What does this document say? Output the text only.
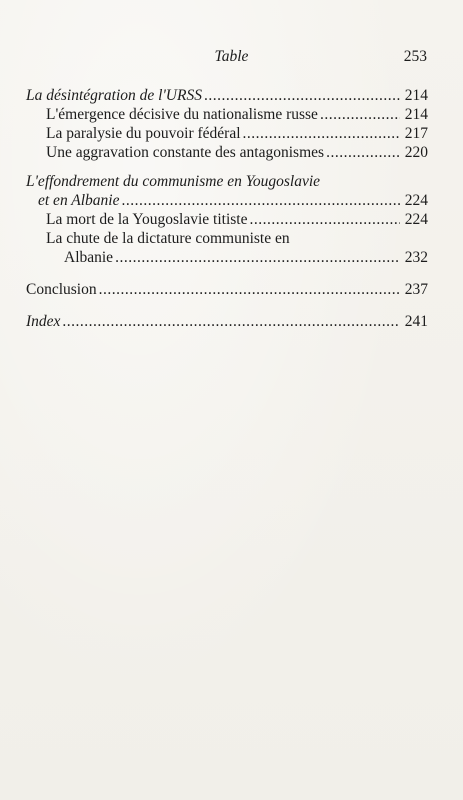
Table	253
La désintégration de l'URSS .....	214
L'émergence décisive du nationalisme russe .....	214
La paralysie du pouvoir fédéral .....	217
Une aggravation constante des antagonismes .....	220
L'effondrement du communisme en Yougoslavie
et en Albanie .....	224
La mort de la Yougoslavie titiste .....	224
La chute de la dictature communiste en
Albanie .....	232
Conclusion .....	237
Index .....	241
